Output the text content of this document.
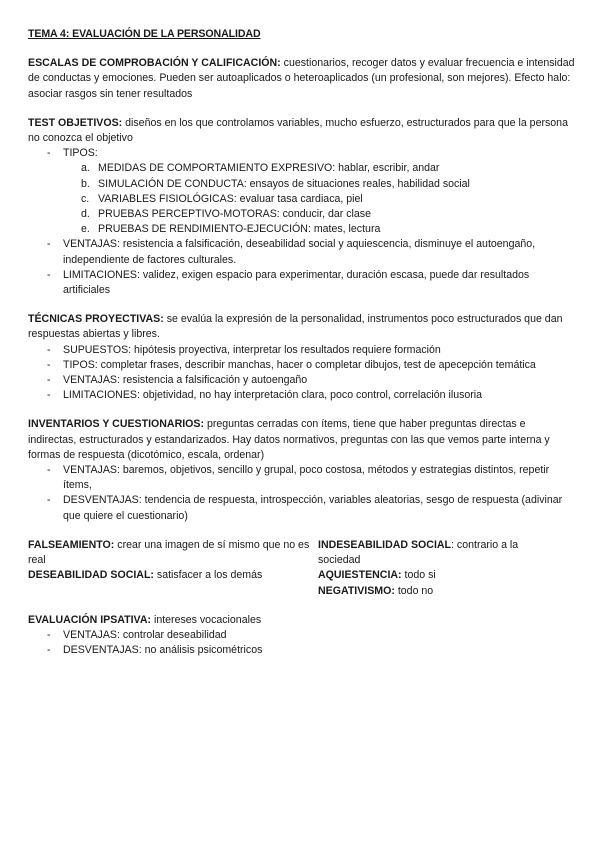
TEMA 4: EVALUACIÓN DE LA PERSONALIDAD

ESCALAS DE COMPROBACIÓN Y CALIFICACIÓN: cuestionarios, recoger datos y evaluar frecuencia e intensidad de conductas y emociones. Pueden ser autoaplicados o heteroaplicados (un profesional, son mejores). Efecto halo: asociar rasgos sin tener resultados

TEST OBJETIVOS: diseños en los que controlamos variables, mucho esfuerzo, estructurados para que la persona no conozca el objetivo

- TIPOS:
a. MEDIDAS DE COMPORTAMIENTO EXPRESIVO: hablar, escribir, andar
b. SIMULACIÓN DE CONDUCTA: ensayos de situaciones reales, habilidad social
c. VARIABLES FISIOLÓGICAS: evaluar tasa cardiaca, piel
d. PRUEBAS PERCEPTIVO-MOTORAS: conducir, dar clase
e. PRUEBAS DE RENDIMIENTO-EJECUCIÓN: mates, lectura
- VENTAJAS: resistencia a falsificación, deseabilidad social y aquiescencia, disminuye el autoengaño, independiente de factores culturales.
- LIMITACIONES: validez, exigen espacio para experimentar, duración escasa, puede dar resultados artificiales

TÉCNICAS PROYECTIVAS: se evalúa la expresión de la personalidad, instrumentos poco estructurados que dan respuestas abiertas y libres.

- SUPUESTOS: hipótesis proyectiva, interpretar los resultados requiere formación
- TIPOS: completar frases, describir manchas, hacer o completar dibujos, test de apecepción temática
- VENTAJAS: resistencia a falsificación y autoengaño
- LIMITACIONES: objetividad, no hay interpretación clara, poco control, correlación ilusoria

INVENTARIOS Y CUESTIONARIOS: preguntas cerradas con ítems, tiene que haber preguntas directas e indirectas, estructurados y estandarizados. Hay datos normativos, preguntas con las que vemos parte interna y formas de respuesta (dicotómico, escala, ordenar)

- VENTAJAS: baremos, objetivos, sencillo y grupal, poco costosa, métodos y estrategias distintos, repetir ítems,
- DESVENTAJAS: tendencia de respuesta, introspección, variables aleatorias, sesgo de respuesta (adivinar que quiere el cuestionario)

FALSEAMIENTO: crear una imagen de sí mismo que no es real

DESEABILIDAD SOCIAL: satisfacer a los demás

INDESEABILIDAD SOCIAL: contrario a la sociedad

AQUIESTENCIA: todo si

NEGATIVISMO: todo no

EVALUACIÓN IPSATIVA: intereses vocacionales

- VENTAJAS: controlar deseabilidad
- DESVENTAJAS: no análisis psicométricos
